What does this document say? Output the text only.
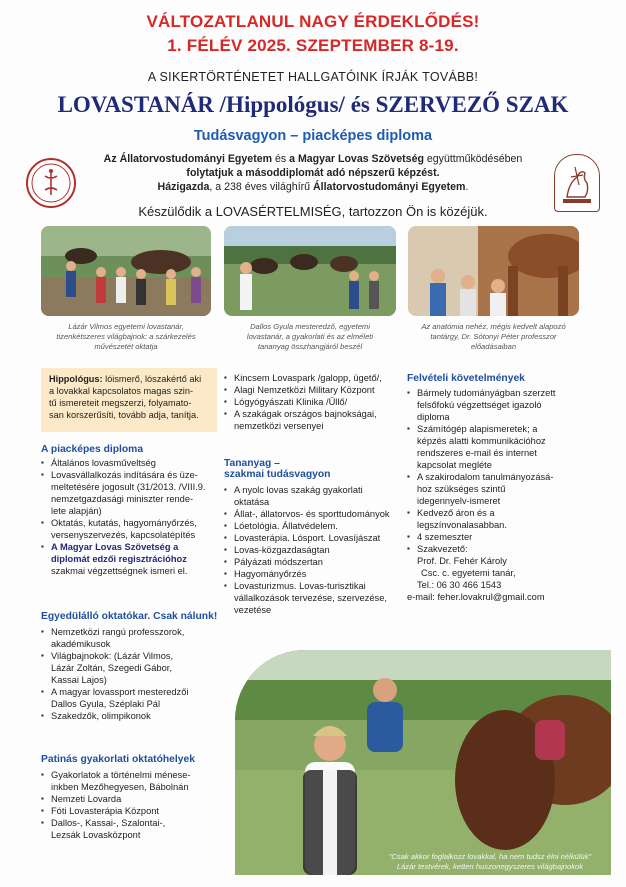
VÁLTOZATLANUL NAGY ÉRDEKLŐDÉS!
1. FÉLÉV 2025. SZEPTEMBER 8-19.
A SIKERTÖRTÉNETET HALLGATÓINK ÍRJÁK TOVÁBB!
LOVASTANÁR /Hippológus/ és SZERVEZŐ SZAK
Tudásvagyon – piacképes diploma
Az Állatorvostudományi Egyetem és a Magyar Lovas Szövetség együttműködésében
folytatjuk a másoddiplomát adó népszerű képzést.
Házigazda, a 238 éves világhírű Állatorvostudományi Egyetem.
Készülődik a LOVASÉRTELMISÉG, tartozzon Ön is közéjük.
Lázár Vilmos egyetemi lovastanár,
tizenkétszeres világbajnok: a szárkezelés
művészetét oktatja
Dallos Gyula mesteredző, egyetemi
lovastanár, a gyakorlati és az elméleti
tananyag összhangjáról beszél
Az anatómia nehéz, mégis kedvelt alapozó
tantárgy, Dr. Sótonyi Péter professzor
előadásaiban
Hippológus: lóismerő, lószakértő aki
a lovakkal kapcsolatos magas szin-
tű ismereteit megszerzi, folyamato-
san korszerűsíti, tovább adja, tanítja.
A piacképes diploma
▪ Általános lovasműveltség
▪ Lovasvállalkozás indítására és üze-
meltetésére jogosult (31/2013. /VIII.9.
nemzetgazdasági miniszter rende-
lete alapján)
▪ Oktatás, kutatás, hagyományőrzés,
versenyszervezés, kapcsolatépítés
▪ A Magyar Lovas Szövetség a
diplomát edzői regisztrációhoz
szakmai végzettségnek ismeri el.
Egyedülálló oktatókar. Csak nálunk!
▪ Nemzetközi rangú professzorok,
akadémikusok
▪ Világbajnokok: (Lázár Vilmos,
Lázár Zoltán, Szegedi Gábor,
Kassai Lajos)
▪ A magyar lovassport mesteredzői
Dallos Gyula, Széplaki Pál
▪ Szakedzők, olimpikonok
Patinás gyakorlati oktatóhelyek
▪ Gyakorlatok a történelmi ménese-
inkben Mezőhegyesen, Bábolnán
▪ Nemzeti Lovarda
▪ Fóti Lovasterápia Központ
▪ Dallos-, Kassai-, Szalontai-,
Lezsák Lovasközpont
▪ Kincsem Lovaspark /galopp, ügető/,
▪ Alagi Nemzetközi Military Központ
▪ Lógyógyászati Klinika /Üllő/
▪ A szakágak országos bajnokságai,
nemzetközi versenyei
Tananyag –
szakmai tudásvagyon
▪ A nyolc lovas szakág gyakorlati
oktatása
▪ Állat-, állatorvos- és sporttudományok
▪ Lóetológia. Állatvédelem.
▪ Lovasterápia. Lósport. Lovasíjászat
▪ Lovas-közgazdaságtan
▪ Pályázati módszertan
▪ Hagyományőrzés
▪ Lovasturizmus. Lovas-turisztikai
vállalkozások tervezése, szervezése,
vezetése
Felvételi követelmények
▪ Bármely tudományágban szerzett
felsőfokú végzettséget igazoló
diploma
▪ Számítógép alapismeretek; a
képzés alatti kommunikációhoz
rendszeres e-mail és internet
kapcsolat megléte
▪ A szakirodalom tanulmányozásá-
hoz szükséges szintű
idegennyelv-ismeret
▪ Kedvező áron és a
legszínvonalasabban.
▪ 4 szemeszter
▪ Szakvezető:
Prof. Dr. Fehér Károly
Csc. c. egyetemi tanár,
Tel.: 06 30 466 1543
e-mail: feher.lovakrul@gmail.com
"Csak akkor foglalkozz lovakkal, ha nem tudsz élni nélkülük"
Lázár testvérek, ketten huszonegyszeres világbajnokok
